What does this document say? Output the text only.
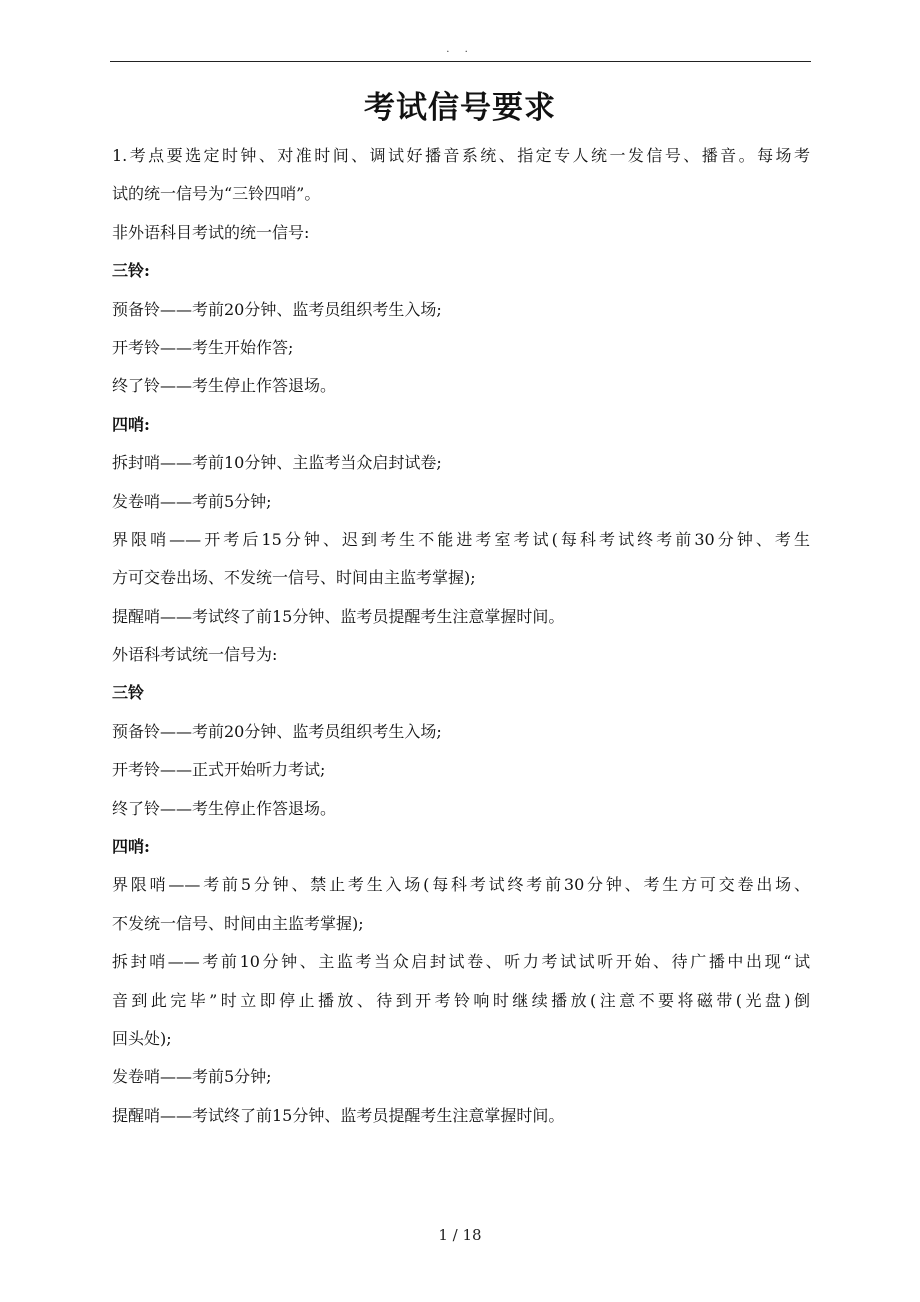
. .
考试信号要求
1.考点要选定时钟、对准时间、调试好播音系统、指定专人统一发信号、播音。每场考
试的统一信号为“三铃四哨”。
非外语科目考试的统一信号:
三铃:
预备铃——考前20分钟、监考员组织考生入场;
开考铃——考生开始作答;
终了铃——考生停止作答退场。
四哨:
拆封哨——考前10分钟、主监考当众启封试卷;
发卷哨——考前5分钟;
界限哨——开考后15分钟、迟到考生不能进考室考试(每科考试终考前30分钟、考生
方可交卷出场、不发统一信号、时间由主监考掌握);
提醒哨——考试终了前15分钟、监考员提醒考生注意掌握时间。
外语科考试统一信号为:
三铃
预备铃——考前20分钟、监考员组织考生入场;
开考铃——正式开始听力考试;
终了铃——考生停止作答退场。
四哨:
界限哨——考前5分钟、禁止考生入场(每科考试终考前30分钟、考生方可交卷出场、
不发统一信号、时间由主监考掌握);
拆封哨——考前10分钟、主监考当众启封试卷、听力考试试听开始、待广播中出现“试
音到此完毕”时立即停止播放、待到开考铃响时继续播放(注意不要将磁带(光盘)倒
回头处);
发卷哨——考前5分钟;
提醒哨——考试终了前15分钟、监考员提醒考生注意掌握时间。
1 / 18
